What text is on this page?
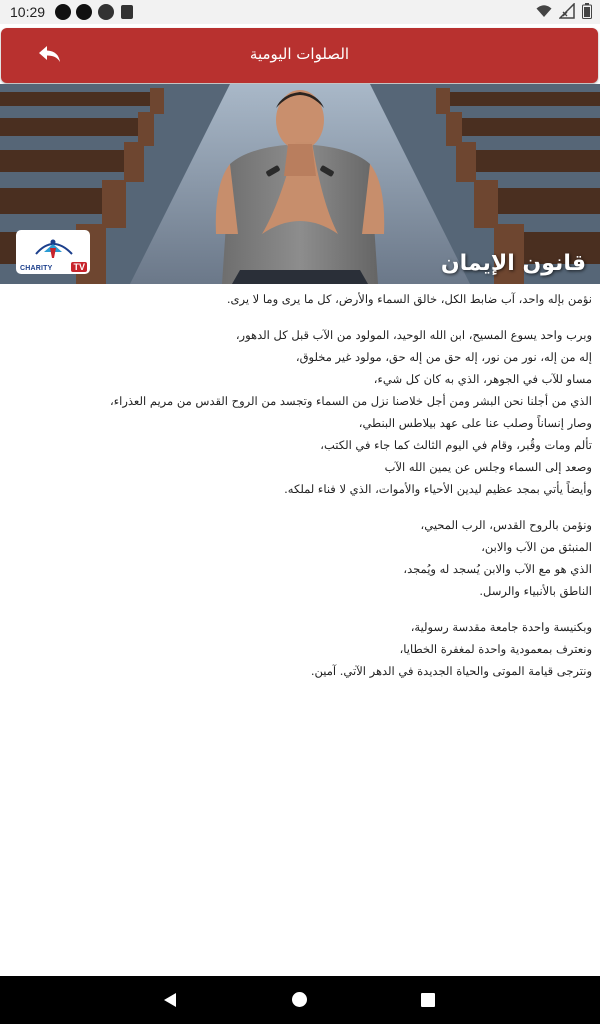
10:29

الصلوات اليومية
CHARITY TV	قانون الإيمان
نؤمن بإله واحد، آب ضابط الكل، خالق السماء والأرض، كل ما يرى وما لا يرى.
وبرب واحد يسوع المسيح، ابن الله الوحيد، المولود من الآب قبل كل الدهور،
إله من إله، نور من نور، إله حق من إله حق، مولود غير مخلوق،
مساو للآب في الجوهر، الذي به كان كل شيء،
الذي من أجلنا نحن البشر ومن أجل خلاصنا نزل من السماء وتجسد من الروح القدس من مريم العذراء،
وصار إنساناً وصلب عنا على عهد بيلاطس البنطي،
تألم ومات وقُبر، وقام في اليوم الثالث كما جاء في الكتب،
وصعد إلى السماء وجلس عن يمين الله الآب
وأيضاً يأتي بمجد عظيم ليدين الأحياء والأموات، الذي لا فناء لملكه.
ونؤمن بالروح القدس، الرب المحيي،
المنبثق من الآب والابن،
الذي هو مع الآب والابن يُسجد له ويُمجد،
الناطق بالأنبياء والرسل.
وبكنيسة واحدة جامعة مقدسة رسولية،
ونعترف بمعمودية واحدة لمغفرة الخطايا،
ونترجى قيامة الموتى والحياة الجديدة في الدهر الآتي. آمين.
